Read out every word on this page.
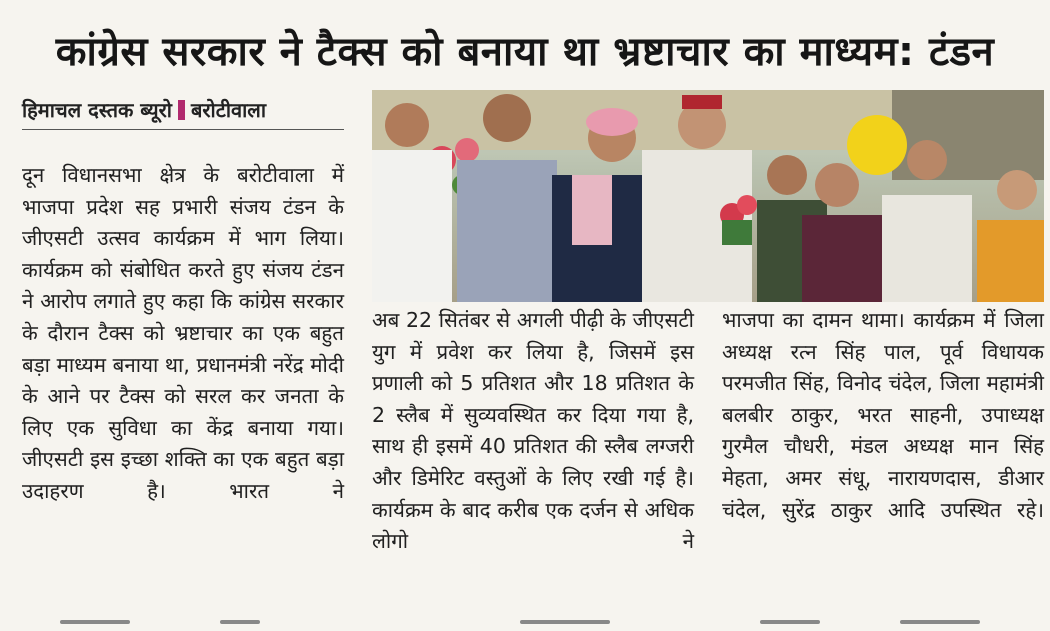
कांग्रेस सरकार ने टैक्स को बनाया था भ्रष्टाचार का माध्यम: टंडन
हिमाचल दस्तक ब्यूरो बरोटीवाला

दून विधानसभा क्षेत्र के बरोटीवाला में भाजपा प्रदेश सह प्रभारी संजय टंडन के जीएसटी उत्सव कार्यक्रम में भाग लिया। कार्यक्रम को संबोधित करते हुए संजय टंडन ने आरोप लगाते हुए कहा कि कांग्रेस सरकार के दौरान टैक्स को भ्रष्टाचार का एक बहुत बड़ा माध्यम बनाया था, प्रधानमंत्री नरेंद्र मोदी के आने पर टैक्स को सरल कर जनता के लिए एक सुविधा का केंद्र बनाया गया। जीएसटी इस इच्छा शक्ति का एक बहुत बड़ा उदाहरण है। भारत ने

अब 22 सितंबर से अगली पीढ़ी के जीएसटी युग में प्रवेश कर लिया है, जिसमें इस प्रणाली को 5 प्रतिशत और 18 प्रतिशत के 2 स्लैब में सुव्यवस्थित कर दिया गया है, साथ ही इसमें 40 प्रतिशत की स्लैब लग्जरी और डिमेरिट वस्तुओं के लिए रखी गई है। कार्यक्रम के बाद करीब एक दर्जन से अधिक लोगो ने

भाजपा का दामन थामा। कार्यक्रम में जिला अध्यक्ष रत्न सिंह पाल, पूर्व विधायक परमजीत सिंह, विनोद चंदेल, जिला महामंत्री बलबीर ठाकुर, भरत साहनी, उपाध्यक्ष गुरमैल चौधरी, मंडल अध्यक्ष मान सिंह मेहता, अमर संधू, नारायणदास, डीआर चंदेल, सुरेंद्र ठाकुर आदि उपस्थित रहे।
